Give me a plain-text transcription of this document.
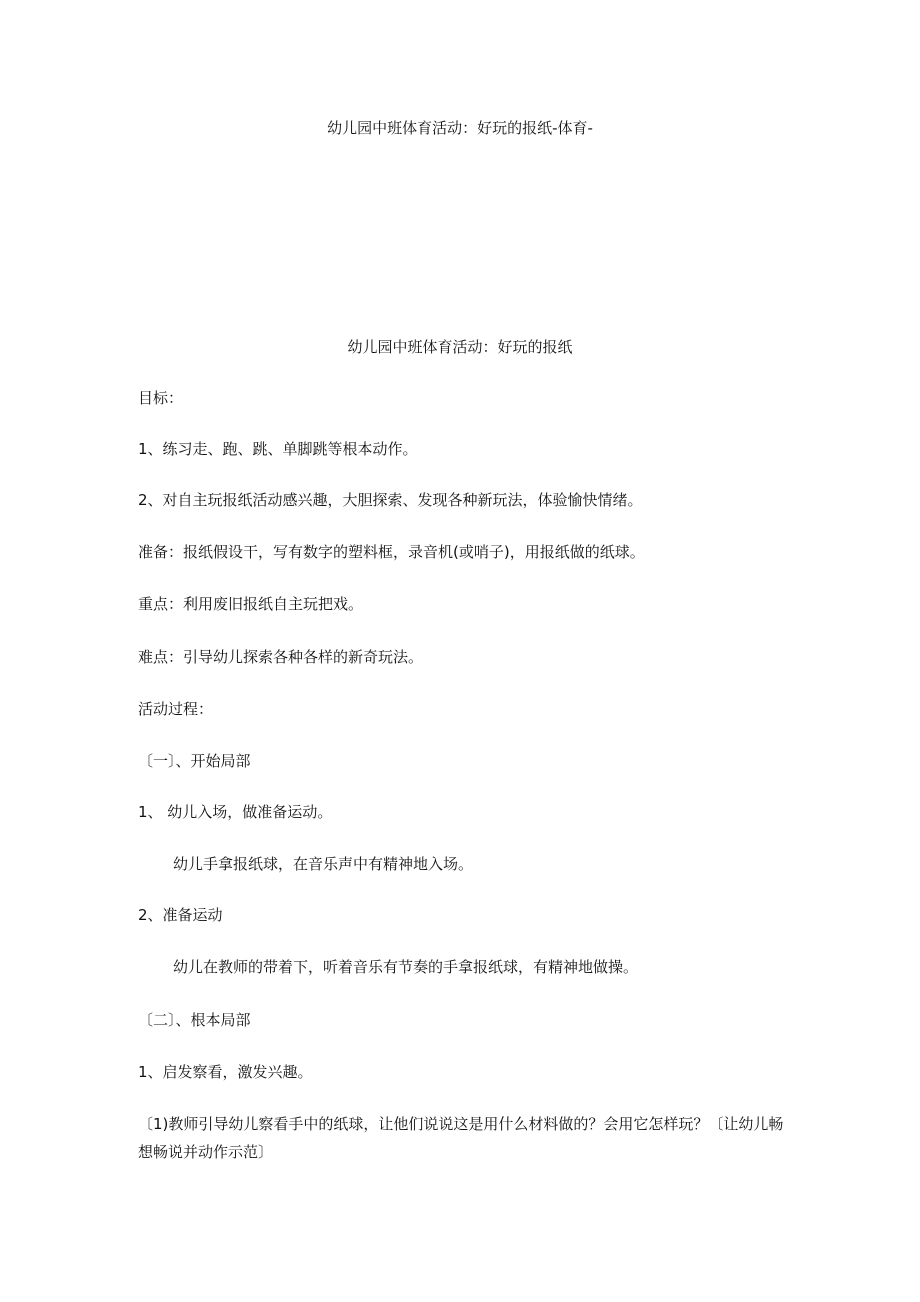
幼儿园中班体育活动：好玩的报纸-体育-
幼儿园中班体育活动：好玩的报纸
目标：
1、练习走、跑、跳、单脚跳等根本动作。
2、对自主玩报纸活动感兴趣，大胆探索、发现各种新玩法，体验愉快情绪。
准备：报纸假设干，写有数字的塑料框，录音机(或哨子)，用报纸做的纸球。
重点：利用废旧报纸自主玩把戏。
难点：引导幼儿探索各种各样的新奇玩法。
活动过程：
〔一〕、开始局部
1、 幼儿入场，做准备运动。
幼儿手拿报纸球，在音乐声中有精神地入场。
2、准备运动
幼儿在教师的带着下，听着音乐有节奏的手拿报纸球，有精神地做操。
〔二〕、根本局部
1、启发察看，激发兴趣。
〔1)教师引导幼儿察看手中的纸球，让他们说说这是用什么材料做的？会用它怎样玩？〔让幼儿畅想畅说并动作示范〕
